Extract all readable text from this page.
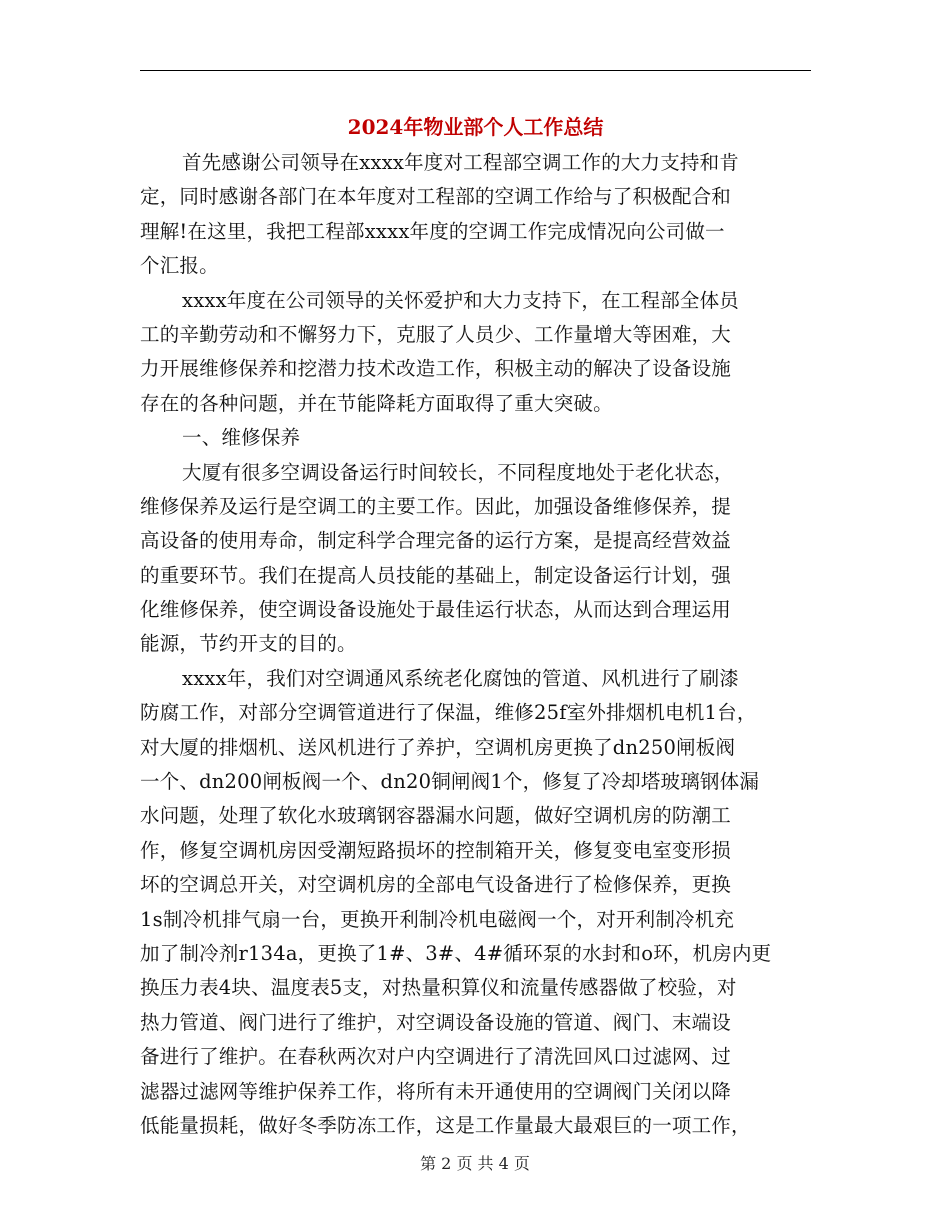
2024年物业部个人工作总结
首先感谢公司领导在xxxx年度对工程部空调工作的大力支持和肯
定，同时感谢各部门在本年度对工程部的空调工作给与了积极配合和
理解!在这里，我把工程部xxxx年度的空调工作完成情况向公司做一
个汇报。
xxxx年度在公司领导的关怀爱护和大力支持下，在工程部全体员
工的辛勤劳动和不懈努力下，克服了人员少、工作量增大等困难，大
力开展维修保养和挖潜力技术改造工作，积极主动的解决了设备设施
存在的各种问题，并在节能降耗方面取得了重大突破。
一、维修保养
大厦有很多空调设备运行时间较长，不同程度地处于老化状态，
维修保养及运行是空调工的主要工作。因此，加强设备维修保养，提
高设备的使用寿命，制定科学合理完备的运行方案，是提高经营效益
的重要环节。我们在提高人员技能的基础上，制定设备运行计划，强
化维修保养，使空调设备设施处于最佳运行状态，从而达到合理运用
能源，节约开支的目的。
xxxx年，我们对空调通风系统老化腐蚀的管道、风机进行了刷漆
防腐工作，对部分空调管道进行了保温，维修25f室外排烟机电机1台，
对大厦的排烟机、送风机进行了养护，空调机房更换了dn250闸板阀
一个、dn200闸板阀一个、dn20铜闸阀1个，修复了冷却塔玻璃钢体漏
水问题，处理了软化水玻璃钢容器漏水问题，做好空调机房的防潮工
作，修复空调机房因受潮短路损坏的控制箱开关，修复变电室变形损
坏的空调总开关，对空调机房的全部电气设备进行了检修保养，更换
1s制冷机排气扇一台，更换开利制冷机电磁阀一个，对开利制冷机充
加了制冷剂r134a，更换了1#、3#、4#循环泵的水封和o环，机房内更
换压力表4块、温度表5支，对热量积算仪和流量传感器做了校验，对
热力管道、阀门进行了维护，对空调设备设施的管道、阀门、末端设
备进行了维护。在春秋两次对户内空调进行了清洗回风口过滤网、过
滤器过滤网等维护保养工作，将所有未开通使用的空调阀门关闭以降
低能量损耗，做好冬季防冻工作，这是工作量最大最艰巨的一项工作，
第 2 页 共 4 页
